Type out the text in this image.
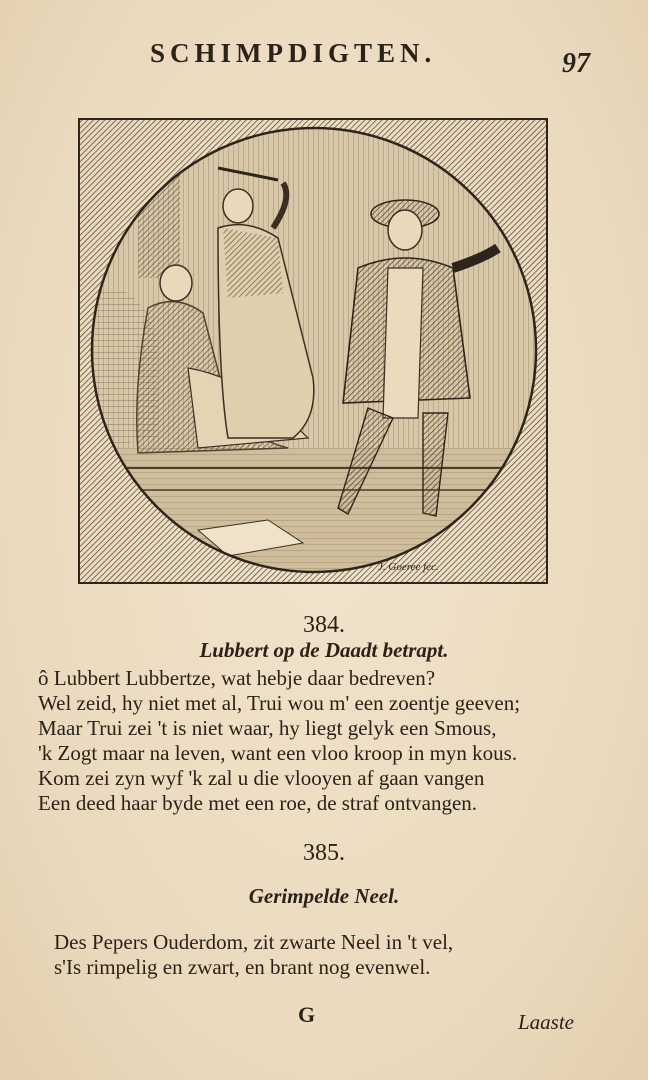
SCHIMPDIGTEN.	97
J. Goeree fec.
384.
Lubbert op de Daadt betrapt.
ô Lubbert Lubbertze, wat hebje daar bedreven?
Wel zeid, hy niet met al, Trui wou m' een zoentje geeven;
Maar Trui zei 't is niet waar, hy liegt gelyk een Smous,
'k Zogt maar na leven, want een vloo kroop in myn kous.
Kom zei zyn wyf 'k zal u die vlooyen af gaan vangen
Een deed haar byde met een roe, de straf ontvangen.
385.
Gerimpelde Neel.
Des Pepers Ouderdom, zit zwarte Neel in 't vel,
s'Is rimpelig en zwart, en brant nog evenwel.
G	Laaste
